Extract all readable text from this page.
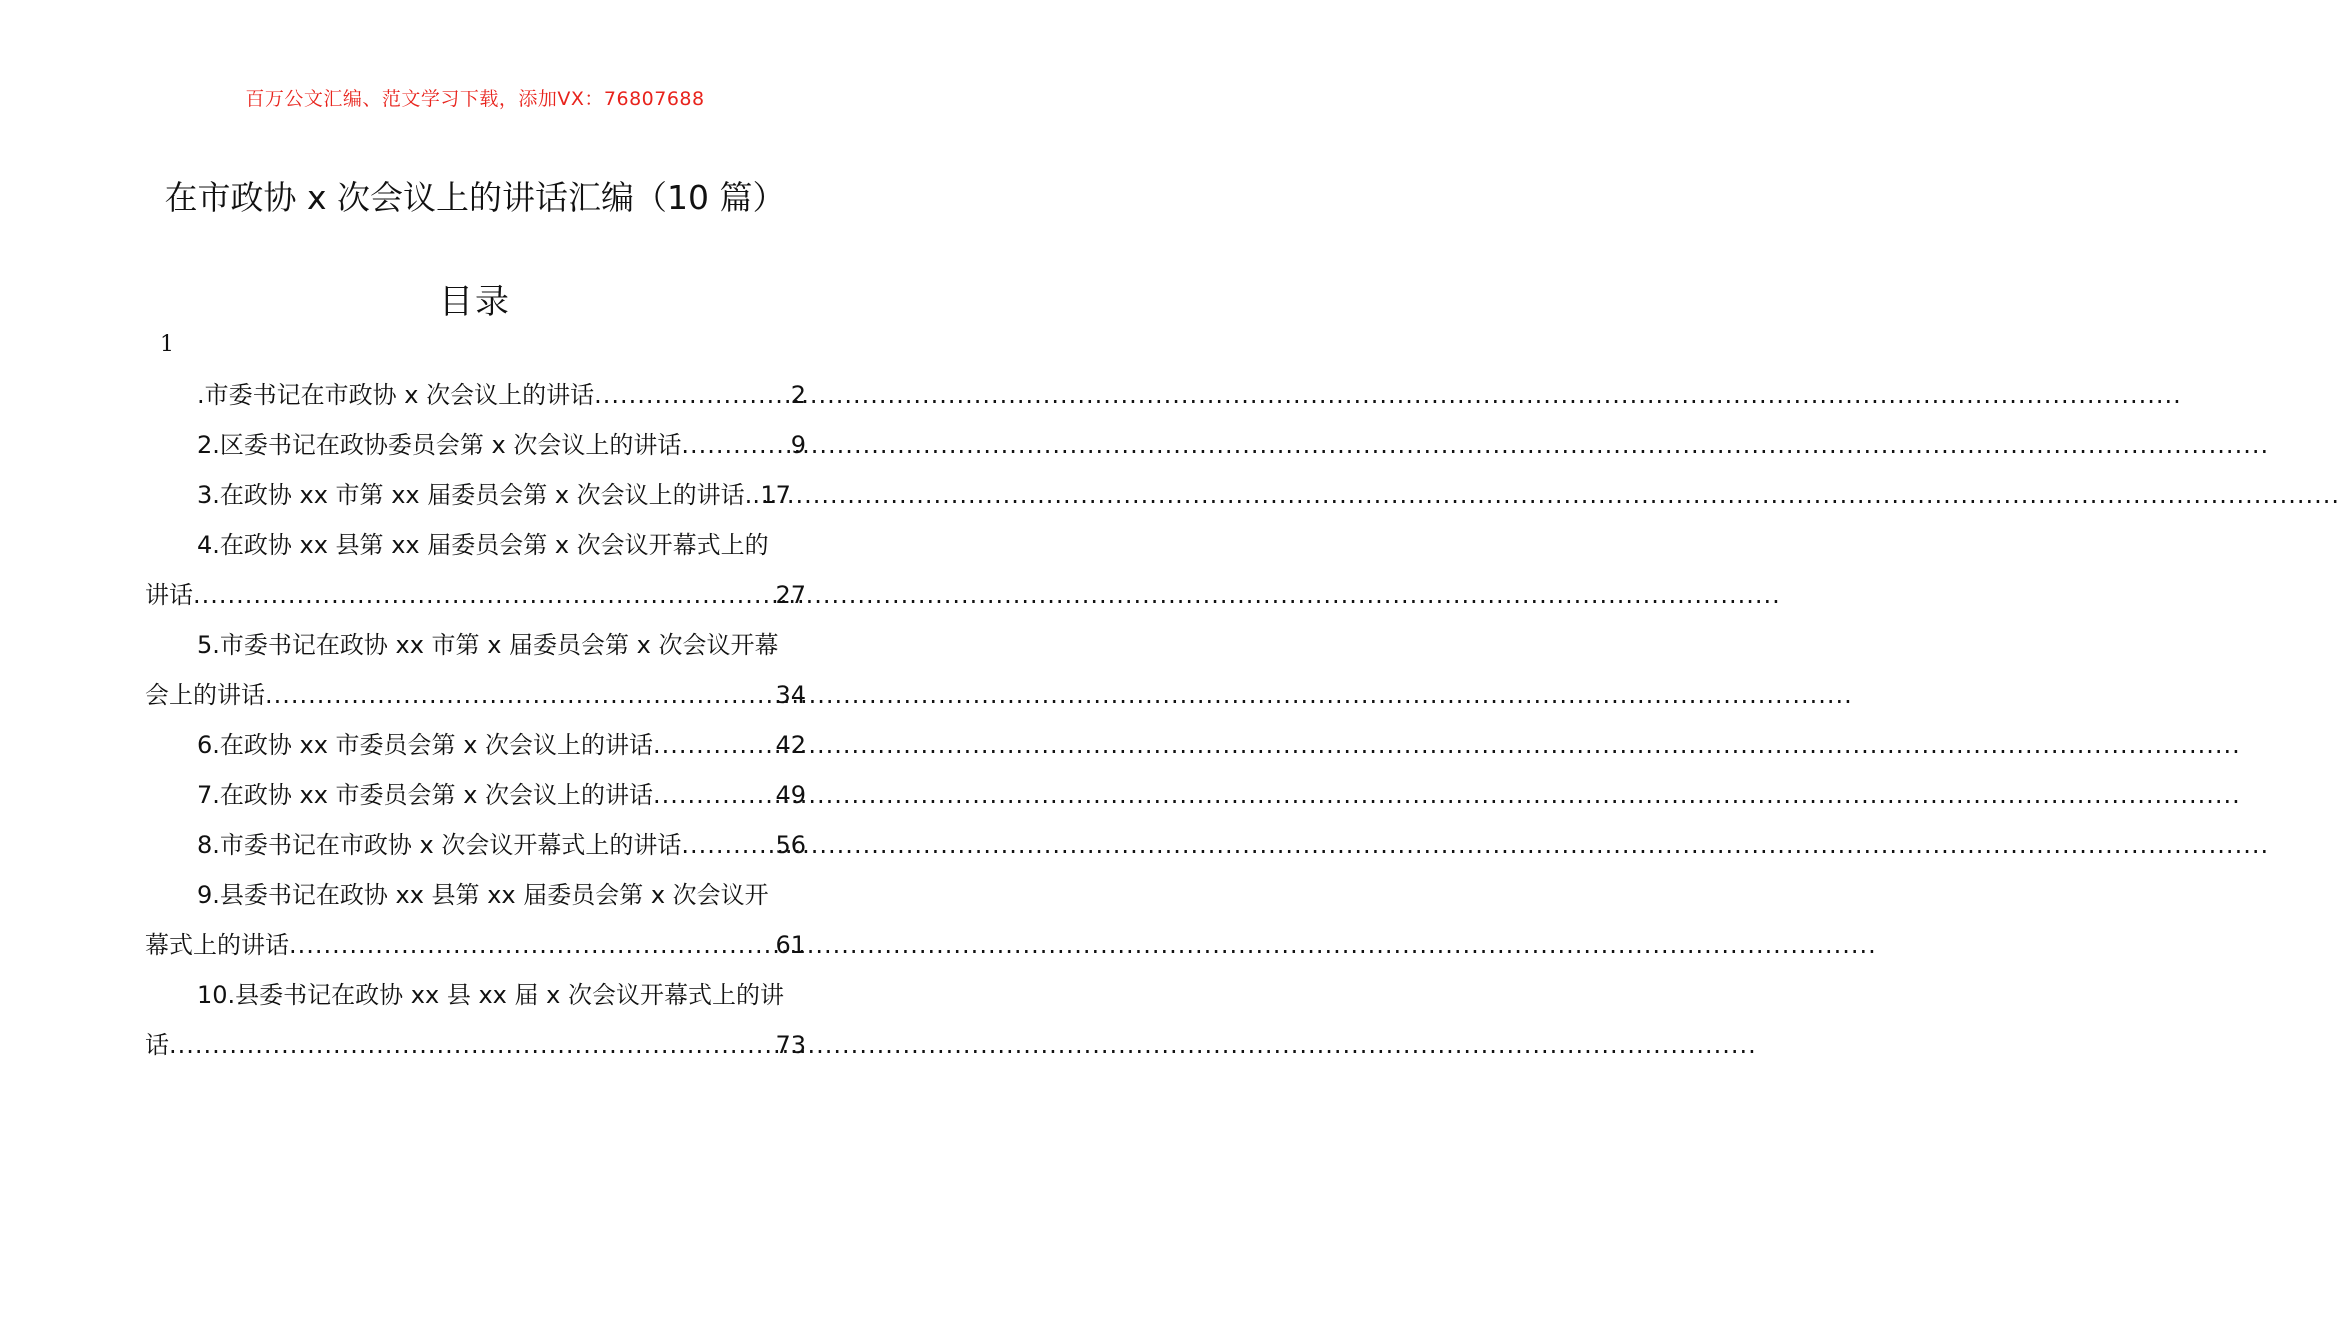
百万公文汇编、范文学习下载，添加VX：76807688
在市政协 x 次会议上的讲话汇编（10 篇）
目录
1
.市委书记在市政协 x 次会议上的讲话 .....	2
2.区委书记在政协委员会第 x 次会议上的讲话 .....	9
3.在政协 xx 市第 xx 届委员会第 x 次会议上的讲话. ..... 17
4.在政协 xx 县第 xx 届委员会第 x 次会议开幕式上的
讲话 .....	27
5.市委书记在政协 xx 市第 x 届委员会第 x 次会议开幕
会上的讲话 .....	34
6.在政协 xx 市委员会第 x 次会议上的讲话 .....	42
7.在政协 xx 市委员会第 x 次会议上的讲话 .....	49
8.市委书记在市政协 x 次会议开幕式上的讲话 .....	56
9.县委书记在政协 xx 县第 xx 届委员会第 x 次会议开
幕式上的讲话 .....	61
10.县委书记在政协 xx 县 xx 届 x 次会议开幕式上的讲
话 .....	73
